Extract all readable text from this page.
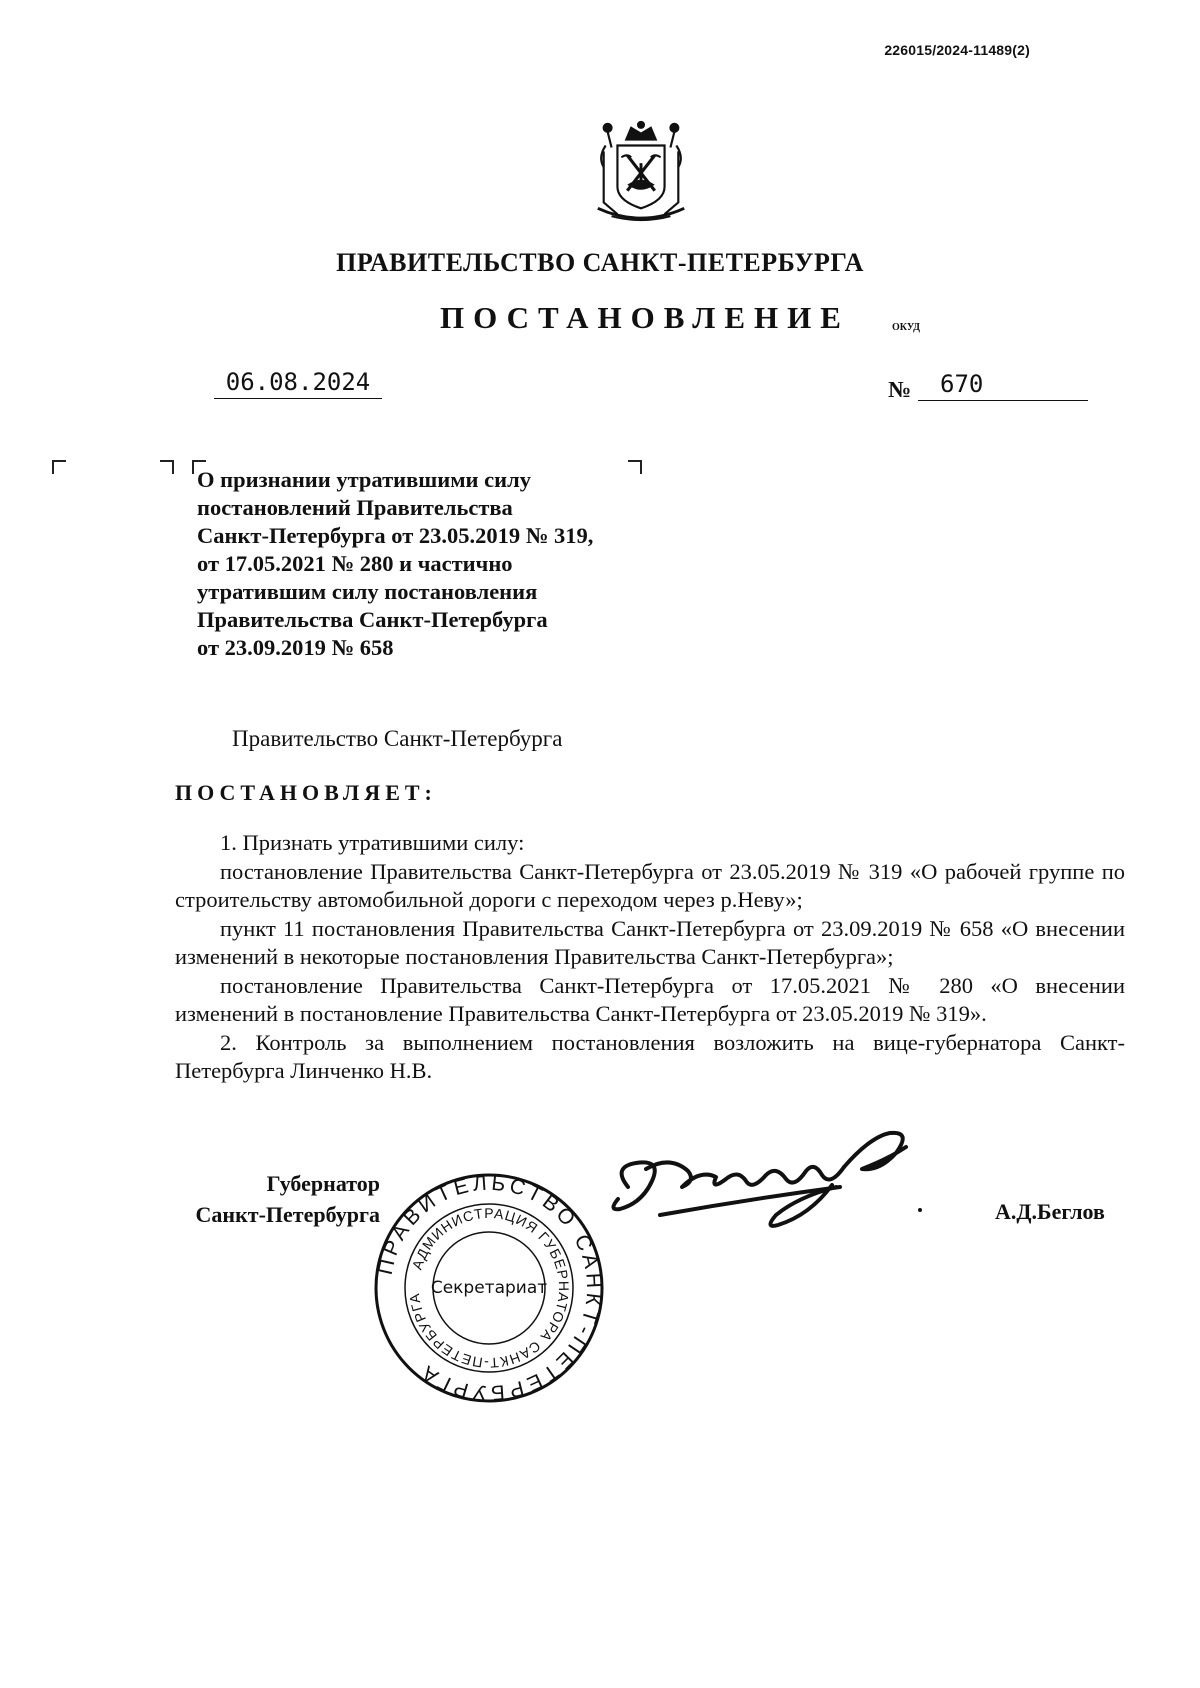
226015/2024-11489(2)
ПРАВИТЕЛЬСТВО САНКТ-ПЕТЕРБУРГА
ПОСТАНОВЛЕНИЕ	ОКУД
06.08.2024	№	670
О признании утратившими силу
постановлений Правительства
Санкт-Петербурга от 23.05.2019 № 319,
от 17.05.2021 № 280 и частично
утратившим силу постановления
Правительства Санкт-Петербурга
от 23.09.2019 № 658
Правительство Санкт-Петербурга
ПОСТАНОВЛЯЕТ:

1. Признать утратившими силу:

постановление Правительства Санкт-Петербурга от 23.05.2019 № 319 «О рабочей группе по строительству автомобильной дороги с переходом через р.Неву»;

пункт 11 постановления Правительства Санкт-Петербурга от 23.09.2019 № 658 «О внесении изменений в некоторые постановления Правительства Санкт-Петербурга»;

постановление Правительства Санкт-Петербурга от 17.05.2021 № 280 «О внесении изменений в постановление Правительства Санкт-Петербурга от 23.05.2019 № 319».

2. Контроль за выполнением постановления возложить на вице-губернатора Санкт-Петербурга Линченко Н.В.

Губернатор
Санкт-Петербурга
ПРАВИТЕЛЬСТВО САНКТ-ПЕТЕРБУРГА
АДМИНИСТРАЦИЯ ГУБЕРНАТОРА САНКТ-ПЕТЕРБУРГА Секретариат
А.Д.Беглов
